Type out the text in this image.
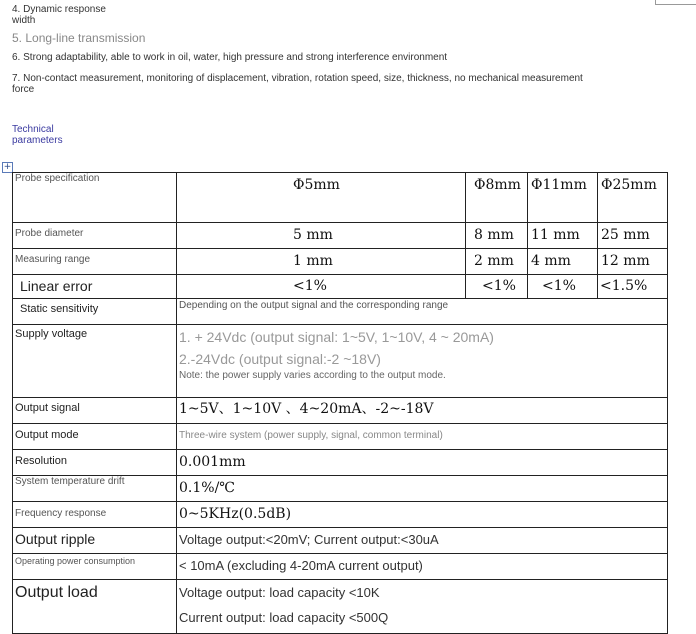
4. Dynamic response width
5. Long-line transmission
6. Strong adaptability, able to work in oil, water, high pressure and strong interference environment
7. Non-contact measurement, monitoring of displacement, vibration, rotation speed, size, thickness, no mechanical measurement force
Technical parameters
+
Probe specification	Φ5mm	Φ8mm	Φ11mm	Φ25mm
Probe diameter	5 mm	8 mm	11 mm	25 mm
Measuring range	1 mm	2 mm	4 mm	12 mm
Linear error	<1%	<1%	<1%	<1.5%
Static sensitivity	Depending on the output signal and the corresponding range			
Supply voltage	1. + 24Vdc (output signal: 1~5V, 1~10V, 4 ~ 20mA)
2.-24Vdc (output signal:-2 ~18V)
Note: the power supply varies according to the output mode.			

Output signal	1~5V、1~10V 、4~20mA、-2~-18V			
Output mode	Three-wire system (power supply, signal, common terminal)			
Resolution	0.001mm			
System temperature drift	0.1%/℃			
Frequency response	0~5KHz(0.5dB)			
Output ripple	Voltage output:<20mV; Current output:<30uA			
Operating power consumption	< 10mA (excluding 4-20mA current output)			
Output load	Voltage output: load capacity <10K
Current output: load capacity <500Q			
